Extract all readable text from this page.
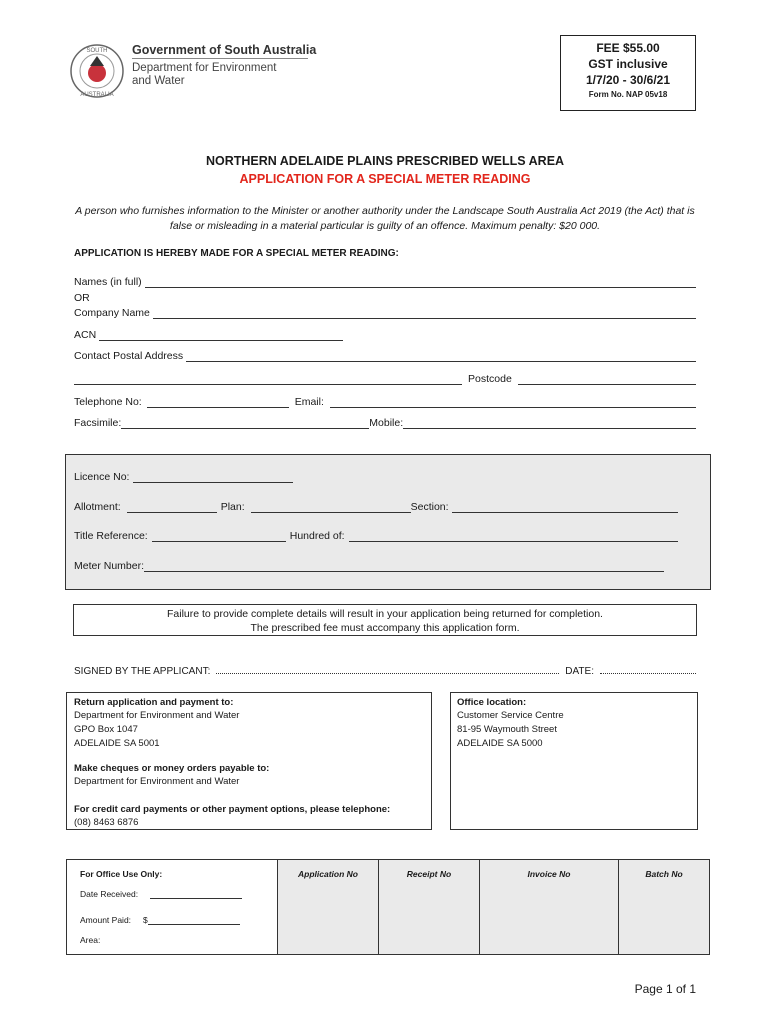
SOUTH
AUSTRALIA
Government of South Australia
Department for Environment
and Water
FEE $55.00
GST inclusive
1/7/20 - 30/6/21
Form No. NAP 05v18
NORTHERN ADELAIDE PLAINS PRESCRIBED WELLS AREA
APPLICATION FOR A SPECIAL METER READING
A person who furnishes information to the Minister or another authority under the Landscape South Australia Act 2019 (the Act) that is false or misleading in a material particular is guilty of an offence. Maximum penalty: $20 000.
APPLICATION IS HEREBY MADE FOR A SPECIAL METER READING:
Names (in full)
OR
Company Name
ACN
Contact Postal Address
Postcode
Telephone No:	Email:
Facsimile:	Mobile:
Licence No:
Allotment:	Plan:	Section:
Title Reference:	Hundred of:
Meter Number:
Failure to provide complete details will result in your application being returned for completion.
The prescribed fee must accompany this application form.
SIGNED BY THE APPLICANT:	DATE:
Return application and payment to:
Department for Environment and Water
GPO Box 1047
ADELAIDE SA 5001
Make cheques or money orders payable to:
Department for Environment and Water
For credit card payments or other payment options, please telephone:
(08) 8463 6876
Office location:
Customer Service Centre
81-95 Waymouth Street
ADELAIDE SA 5000
For Office Use Only:
Date Received:
Amount Paid: $
Area:
Application No	Receipt No	Invoice No	Batch No
Page 1 of 1
